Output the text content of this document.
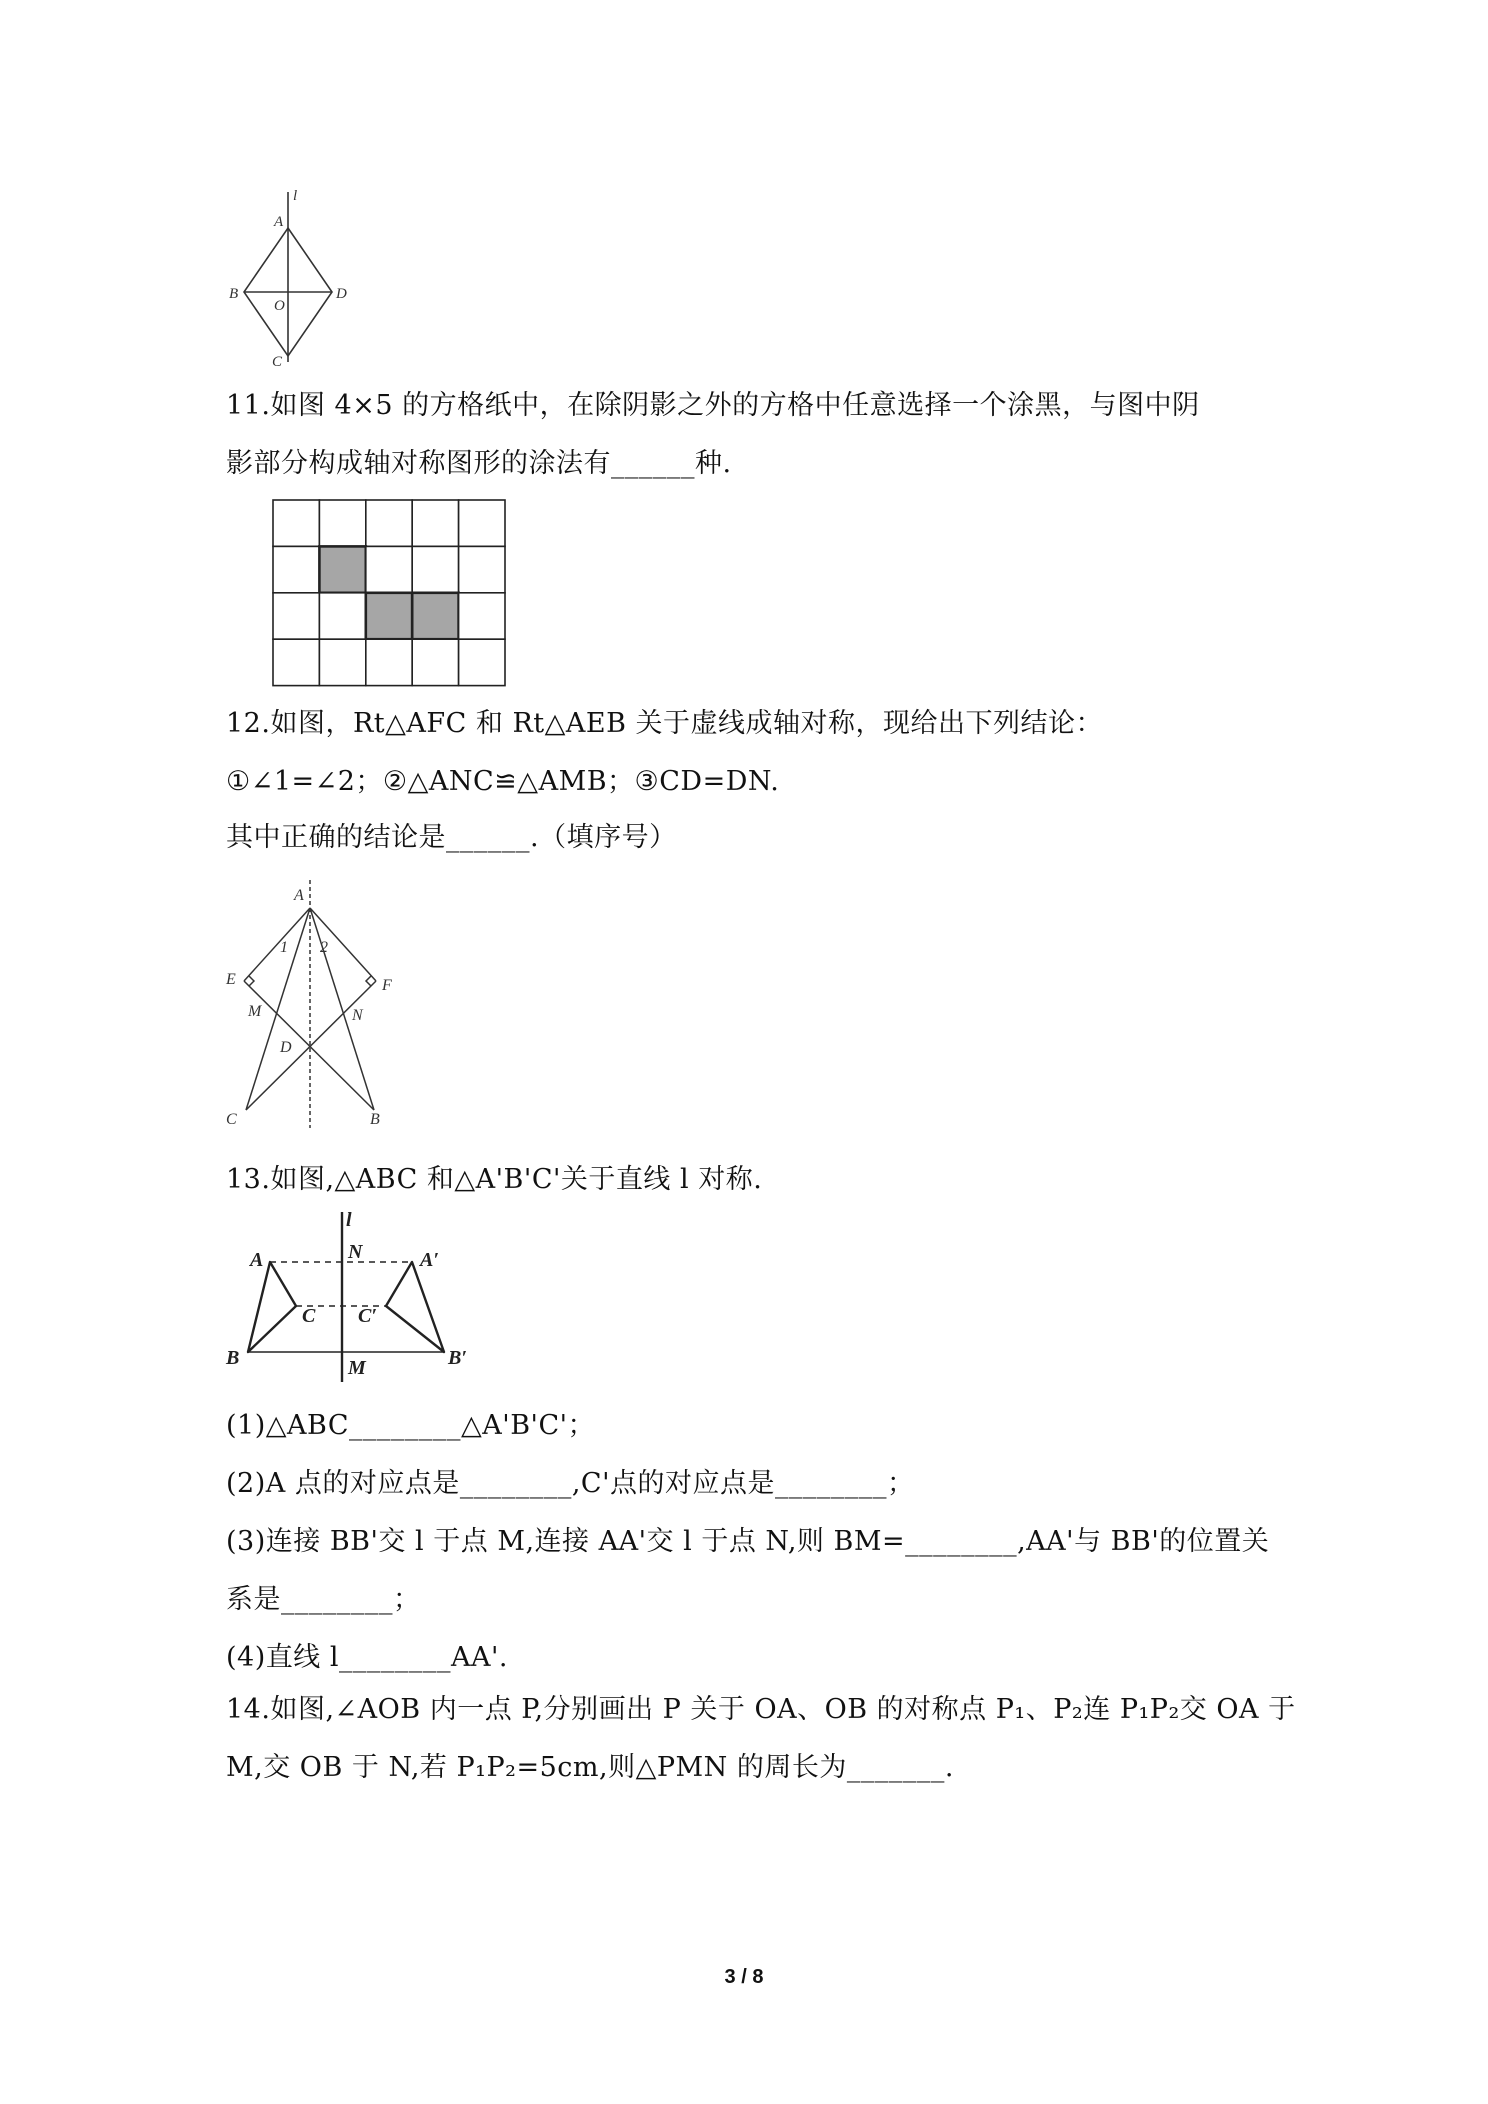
l
A
B
O
D
C
11.如图 4×5 的方格纸中，在除阴影之外的方格中任意选择一个涂黑，与图中阴
影部分构成轴对称图形的涂法有______种.
12.如图，Rt△AFC 和 Rt△AEB 关于虚线成轴对称，现给出下列结论：
①∠1=∠2；②△ANC≌△AMB；③CD=DN.
其中正确的结论是______.（填序号）
A
1 2
E	F
M	N
D
C	B
13.如图,△ABC 和△A'B'C'关于直线 l 对称.
l
N
A	A′
C C′
B	B′
M
(1)△ABC________△A'B'C'；
(2)A 点的对应点是________,C'点的对应点是________；
(3)连接 BB'交 l 于点 M,连接 AA'交 l 于点 N,则 BM=________,AA'与 BB'的位置关
系是________；
(4)直线 l________AA'.
14.如图,∠AOB 内一点 P,分别画出 P 关于 OA、OB 的对称点 P₁、P₂连 P₁P₂交 OA 于
M,交 OB 于 N,若 P₁P₂=5cm,则△PMN 的周长为_______.
3 / 8
